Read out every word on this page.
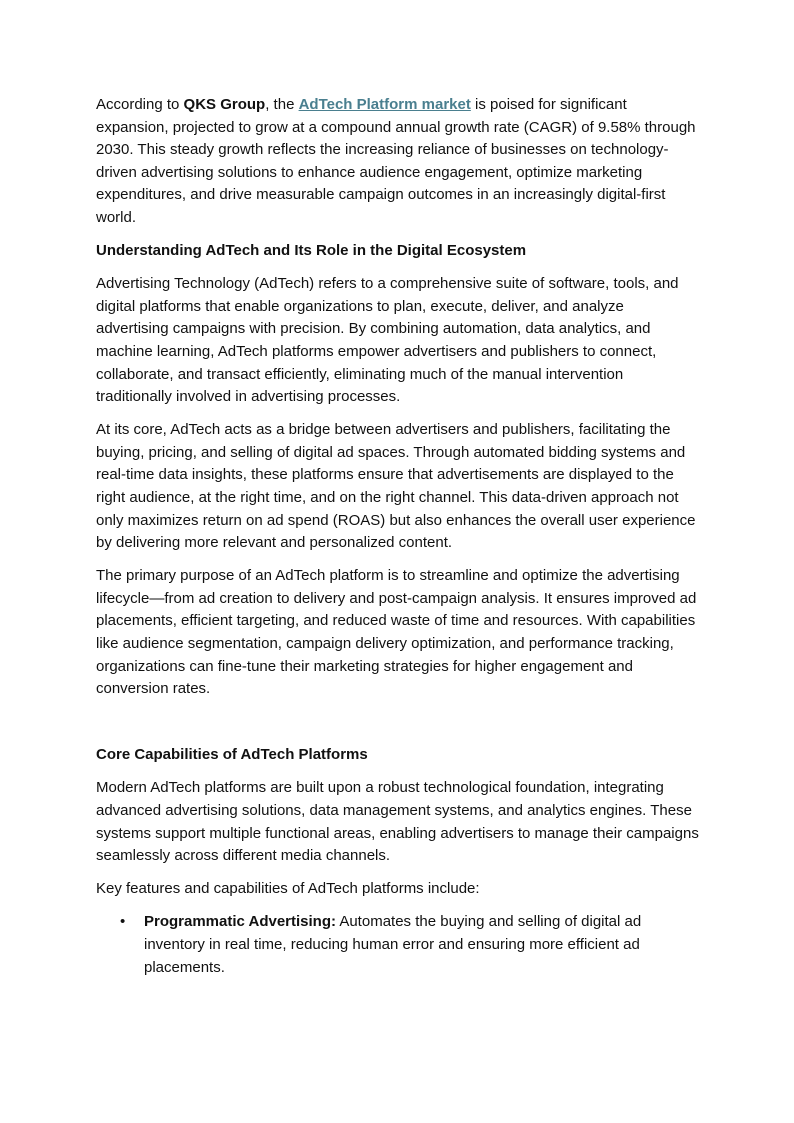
According to QKS Group, the AdTech Platform market is poised for significant expansion, projected to grow at a compound annual growth rate (CAGR) of 9.58% through 2030. This steady growth reflects the increasing reliance of businesses on technology-driven advertising solutions to enhance audience engagement, optimize marketing expenditures, and drive measurable campaign outcomes in an increasingly digital-first world.

Understanding AdTech and Its Role in the Digital Ecosystem

Advertising Technology (AdTech) refers to a comprehensive suite of software, tools, and digital platforms that enable organizations to plan, execute, deliver, and analyze advertising campaigns with precision. By combining automation, data analytics, and machine learning, AdTech platforms empower advertisers and publishers to connect, collaborate, and transact efficiently, eliminating much of the manual intervention traditionally involved in advertising processes.

At its core, AdTech acts as a bridge between advertisers and publishers, facilitating the buying, pricing, and selling of digital ad spaces. Through automated bidding systems and real-time data insights, these platforms ensure that advertisements are displayed to the right audience, at the right time, and on the right channel. This data-driven approach not only maximizes return on ad spend (ROAS) but also enhances the overall user experience by delivering more relevant and personalized content.

The primary purpose of an AdTech platform is to streamline and optimize the advertising lifecycle—from ad creation to delivery and post-campaign analysis. It ensures improved ad placements, efficient targeting, and reduced waste of time and resources. With capabilities like audience segmentation, campaign delivery optimization, and performance tracking, organizations can fine-tune their marketing strategies for higher engagement and conversion rates.

Core Capabilities of AdTech Platforms

Modern AdTech platforms are built upon a robust technological foundation, integrating advanced advertising solutions, data management systems, and analytics engines. These systems support multiple functional areas, enabling advertisers to manage their campaigns seamlessly across different media channels.

Key features and capabilities of AdTech platforms include:

• Programmatic Advertising: Automates the buying and selling of digital ad inventory in real time, reducing human error and ensuring more efficient ad placements.
